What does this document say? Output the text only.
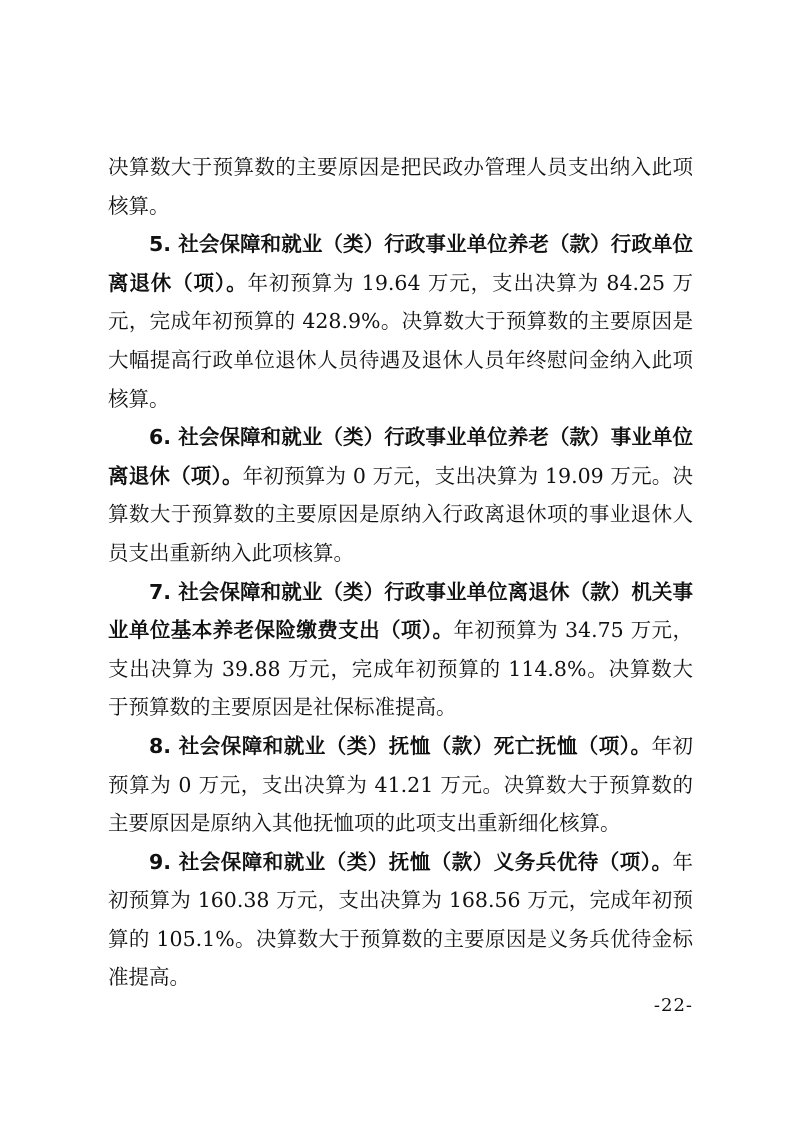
决算数大于预算数的主要原因是把民政办管理人员支出纳入此项核算。

5. 社会保障和就业（类）行政事业单位养老（款）行政单位离退休（项）。年初预算为 19.64 万元，支出决算为 84.25 万元，完成年初预算的 428.9%。决算数大于预算数的主要原因是大幅提高行政单位退休人员待遇及退休人员年终慰问金纳入此项核算。

6. 社会保障和就业（类）行政事业单位养老（款）事业单位离退休（项）。年初预算为 0 万元，支出决算为 19.09 万元。决算数大于预算数的主要原因是原纳入行政离退休项的事业退休人员支出重新纳入此项核算。

7. 社会保障和就业（类）行政事业单位离退休（款）机关事业单位基本养老保险缴费支出（项）。年初预算为 34.75 万元，支出决算为 39.88 万元，完成年初预算的 114.8%。决算数大于预算数的主要原因是社保标准提高。

8. 社会保障和就业（类）抚恤（款）死亡抚恤（项）。年初预算为 0 万元，支出决算为 41.21 万元。决算数大于预算数的主要原因是原纳入其他抚恤项的此项支出重新细化核算。

9. 社会保障和就业（类）抚恤（款）义务兵优待（项）。年初预算为 160.38 万元，支出决算为 168.56 万元，完成年初预算的 105.1%。决算数大于预算数的主要原因是义务兵优待金标准提高。

-22-
